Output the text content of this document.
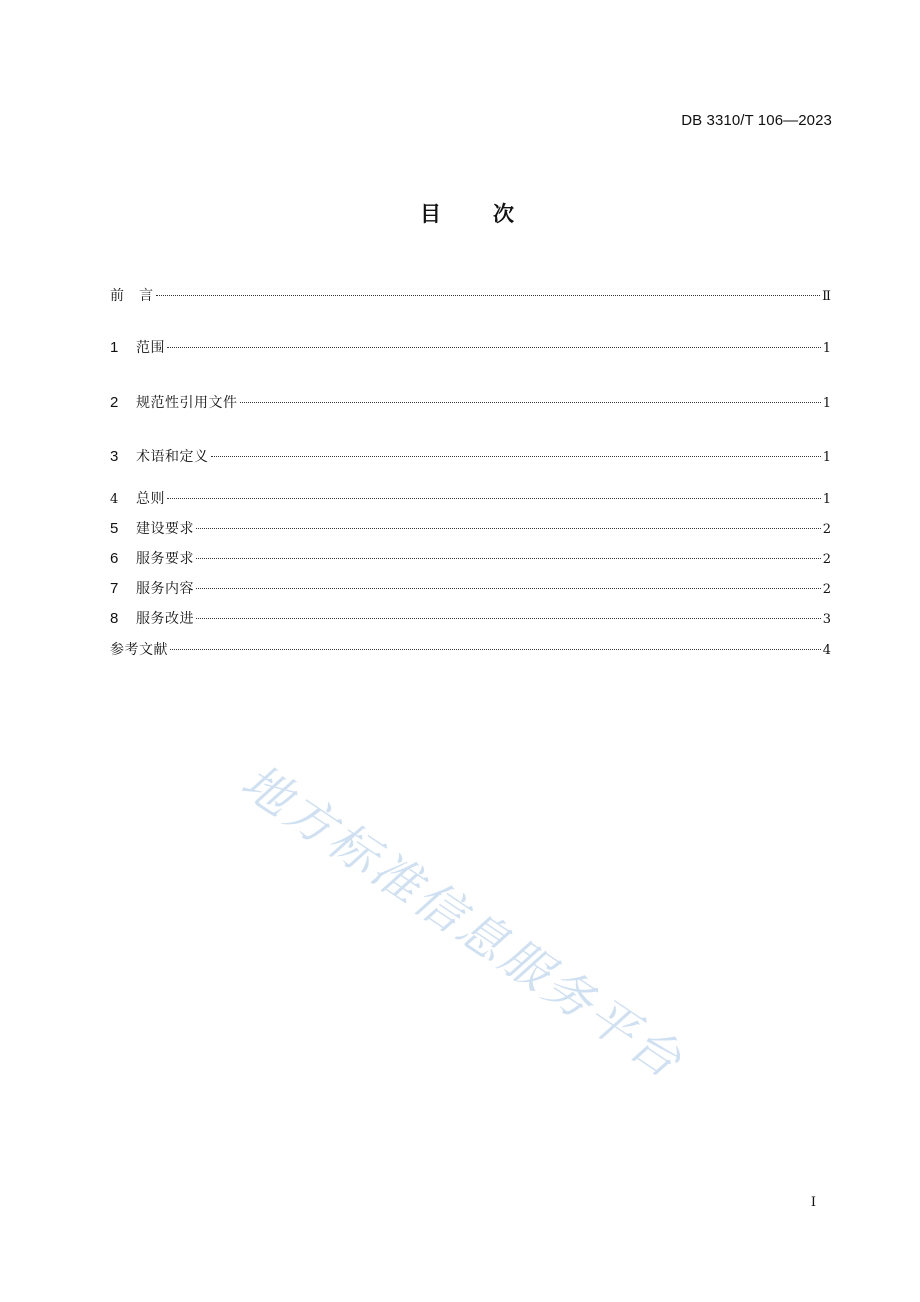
DB 3310/T 106—2023
目 次
前　言	Ⅱ
1	范围	1
2	规范性引用文件	1
3	术语和定义	1
4	总则	1
5	建设要求	2
6	服务要求	2
7	服务内容	2
8	服务改进	3
参考文献	4
地方标准信息服务平台
I
